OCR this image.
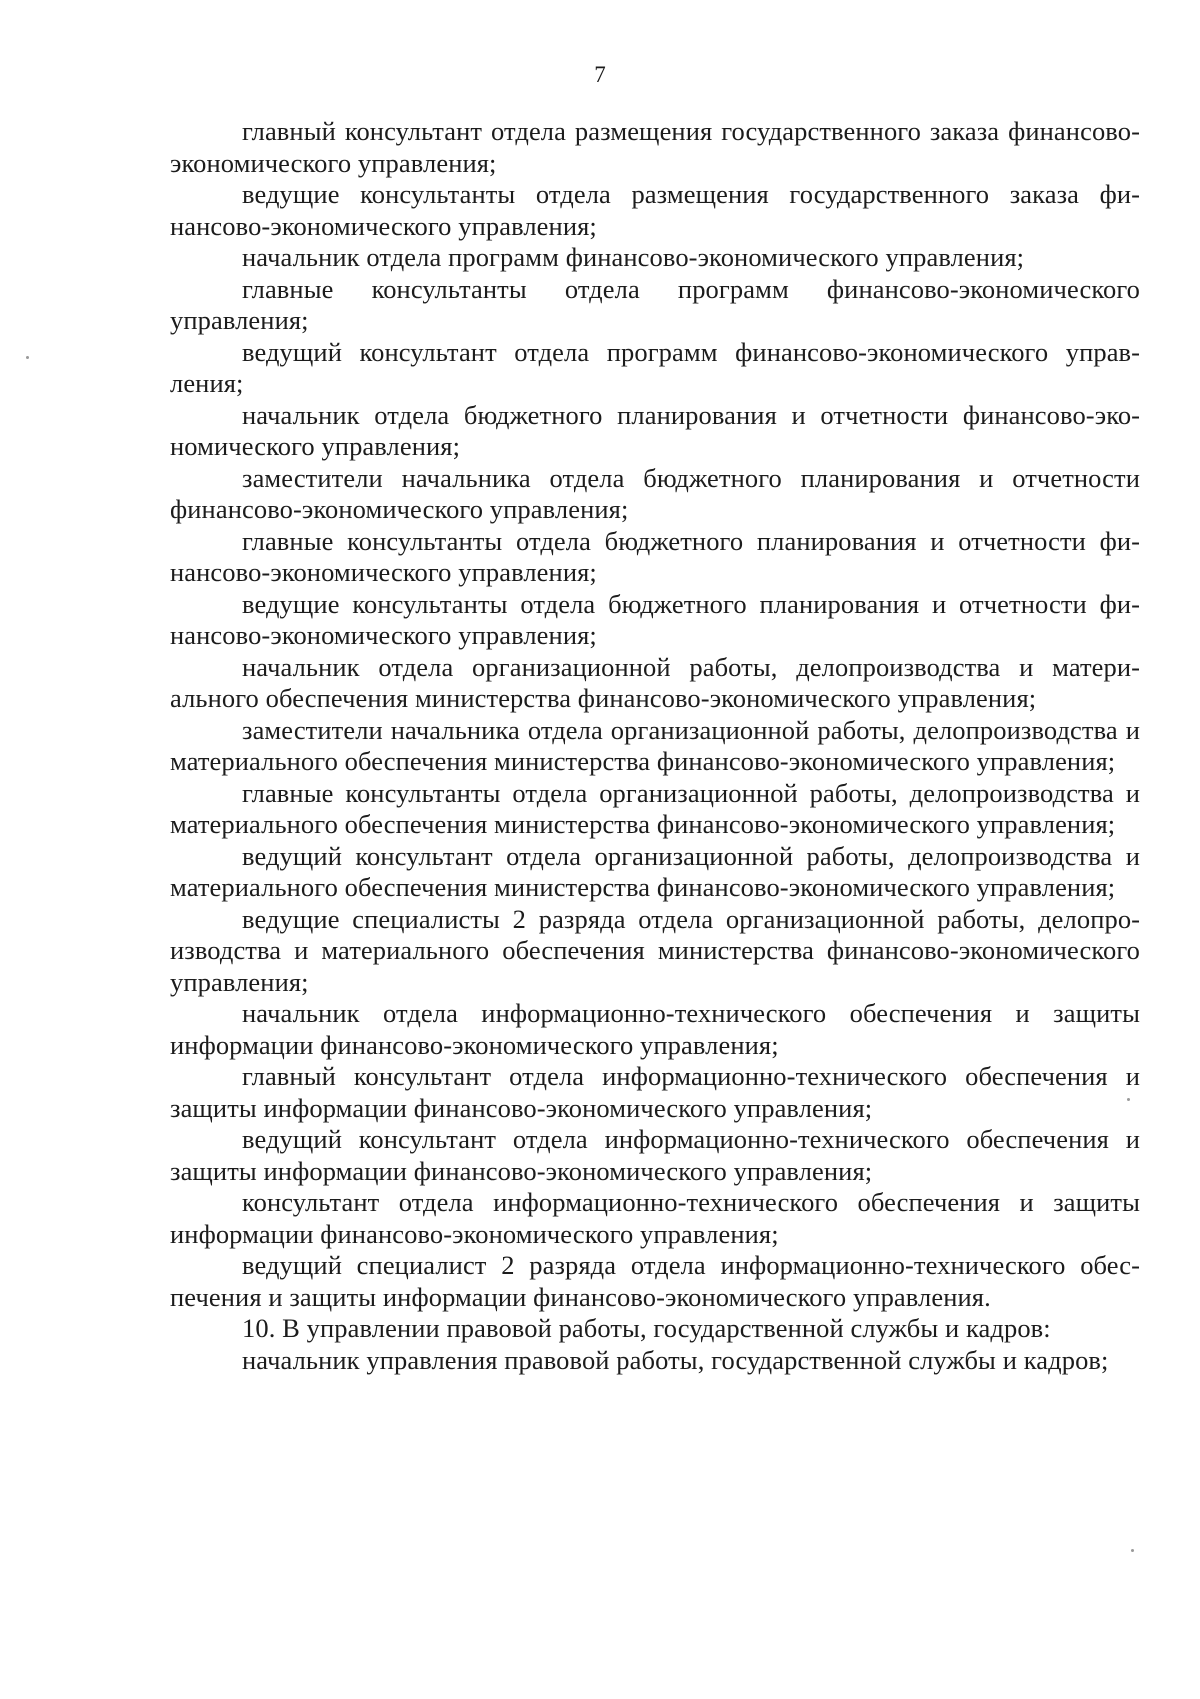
7

главный консультант отдела размещения государственного заказа финансово-экономического управления;

ведущие консультанты отдела размещения государственного заказа финансово-экономического управления;

начальник отдела программ финансово-экономического управления;

главные консультанты отдела программ финансово-экономического управления;

ведущий консультант отдела программ финансово-экономического управления;

начальник отдела бюджетного планирования и отчетности финансово-экономического управления;

заместители начальника отдела бюджетного планирования и отчетности финансово-экономического управления;

главные консультанты отдела бюджетного планирования и отчетности финансово-экономического управления;

ведущие консультанты отдела бюджетного планирования и отчетности финансово-экономического управления;

начальник отдела организационной работы, делопроизводства и материального обеспечения министерства финансово-экономического управления;

заместители начальника отдела организационной работы, делопроизводства и материального обеспечения министерства финансово-экономического управления;

главные консультанты отдела организационной работы, делопроизводства и материального обеспечения министерства финансово-экономического управления;

ведущий консультант отдела организационной работы, делопроизводства и материального обеспечения министерства финансово-экономического управления;

ведущие специалисты 2 разряда отдела организационной работы, делопроизводства и материального обеспечения министерства финансово-экономического управления;

начальник отдела информационно-технического обеспечения и защиты информации финансово-экономического управления;

главный консультант отдела информационно-технического обеспечения и защиты информации финансово-экономического управления;

ведущий консультант отдела информационно-технического обеспечения и защиты информации финансово-экономического управления;

консультант отдела информационно-технического обеспечения и защиты информации финансово-экономического управления;

ведущий специалист 2 разряда отдела информационно-технического обеспечения и защиты информации финансово-экономического управления.

10. В управлении правовой работы, государственной службы и кадров:

начальник управления правовой работы, государственной службы и кадров;
